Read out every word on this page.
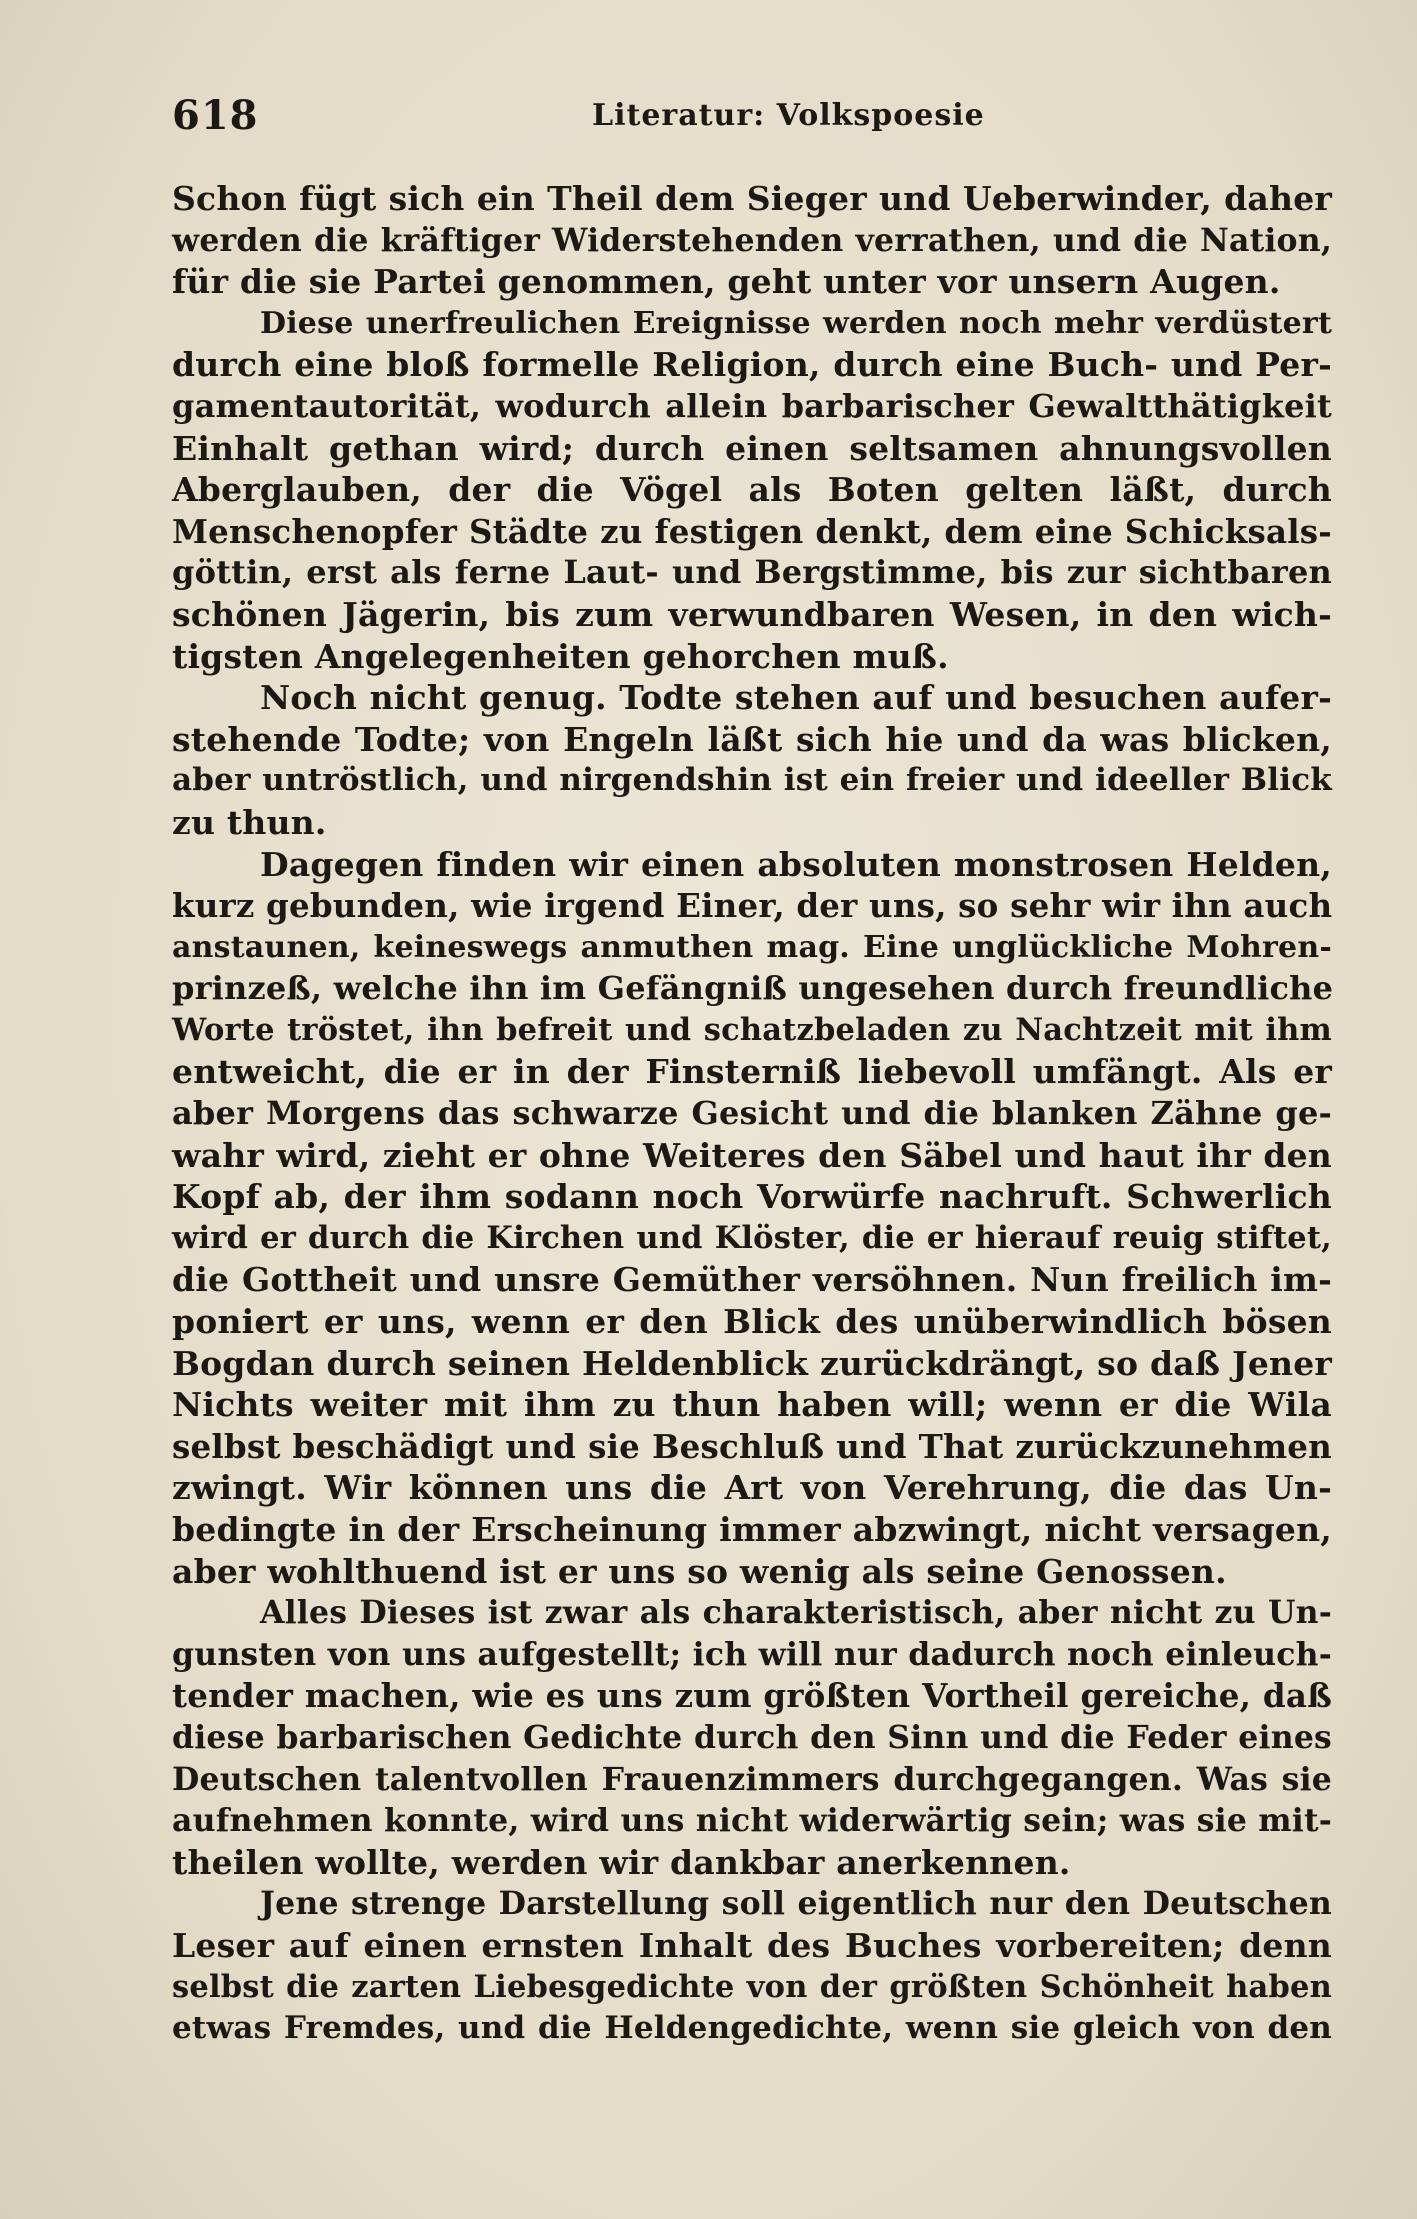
618	Literatur: Volkspoesie
Schon fügt sich ein Theil dem Sieger und Ueberwinder, daher
werden die kräftiger Widerstehenden verrathen, und die Nation,
für die sie Partei genommen, geht unter vor unsern Augen.
Diese unerfreulichen Ereignisse werden noch mehr verdüstert
durch eine bloß formelle Religion, durch eine Buch- und Per-
gamentautorität, wodurch allein barbarischer Gewaltthätigkeit
Einhalt gethan wird; durch einen seltsamen ahnungsvollen
Aberglauben, der die Vögel als Boten gelten läßt, durch
Menschenopfer Städte zu festigen denkt, dem eine Schicksals-
göttin, erst als ferne Laut- und Bergstimme, bis zur sichtbaren
schönen Jägerin, bis zum verwundbaren Wesen, in den wich-
tigsten Angelegenheiten gehorchen muß.
Noch nicht genug. Todte stehen auf und besuchen aufer-
stehende Todte; von Engeln läßt sich hie und da was blicken,
aber untröstlich, und nirgendshin ist ein freier und ideeller Blick
zu thun.
Dagegen finden wir einen absoluten monstrosen Helden,
kurz gebunden, wie irgend Einer, der uns, so sehr wir ihn auch
anstaunen, keineswegs anmuthen mag. Eine unglückliche Mohren-
prinzeß, welche ihn im Gefängniß ungesehen durch freundliche
Worte tröstet, ihn befreit und schatzbeladen zu Nachtzeit mit ihm
entweicht, die er in der Finsterniß liebevoll umfängt. Als er
aber Morgens das schwarze Gesicht und die blanken Zähne ge-
wahr wird, zieht er ohne Weiteres den Säbel und haut ihr den
Kopf ab, der ihm sodann noch Vorwürfe nachruft. Schwerlich
wird er durch die Kirchen und Klöster, die er hierauf reuig stiftet,
die Gottheit und unsre Gemüther versöhnen. Nun freilich im-
poniert er uns, wenn er den Blick des unüberwindlich bösen
Bogdan durch seinen Heldenblick zurückdrängt, so daß Jener
Nichts weiter mit ihm zu thun haben will; wenn er die Wila
selbst beschädigt und sie Beschluß und That zurückzunehmen
zwingt. Wir können uns die Art von Verehrung, die das Un-
bedingte in der Erscheinung immer abzwingt, nicht versagen,
aber wohlthuend ist er uns so wenig als seine Genossen.
Alles Dieses ist zwar als charakteristisch, aber nicht zu Un-
gunsten von uns aufgestellt; ich will nur dadurch noch einleuch-
tender machen, wie es uns zum größten Vortheil gereiche, daß
diese barbarischen Gedichte durch den Sinn und die Feder eines
Deutschen talentvollen Frauenzimmers durchgegangen. Was sie
aufnehmen konnte, wird uns nicht widerwärtig sein; was sie mit-
theilen wollte, werden wir dankbar anerkennen.
Jene strenge Darstellung soll eigentlich nur den Deutschen
Leser auf einen ernsten Inhalt des Buches vorbereiten; denn
selbst die zarten Liebesgedichte von der größten Schönheit haben
etwas Fremdes, und die Heldengedichte, wenn sie gleich von den
